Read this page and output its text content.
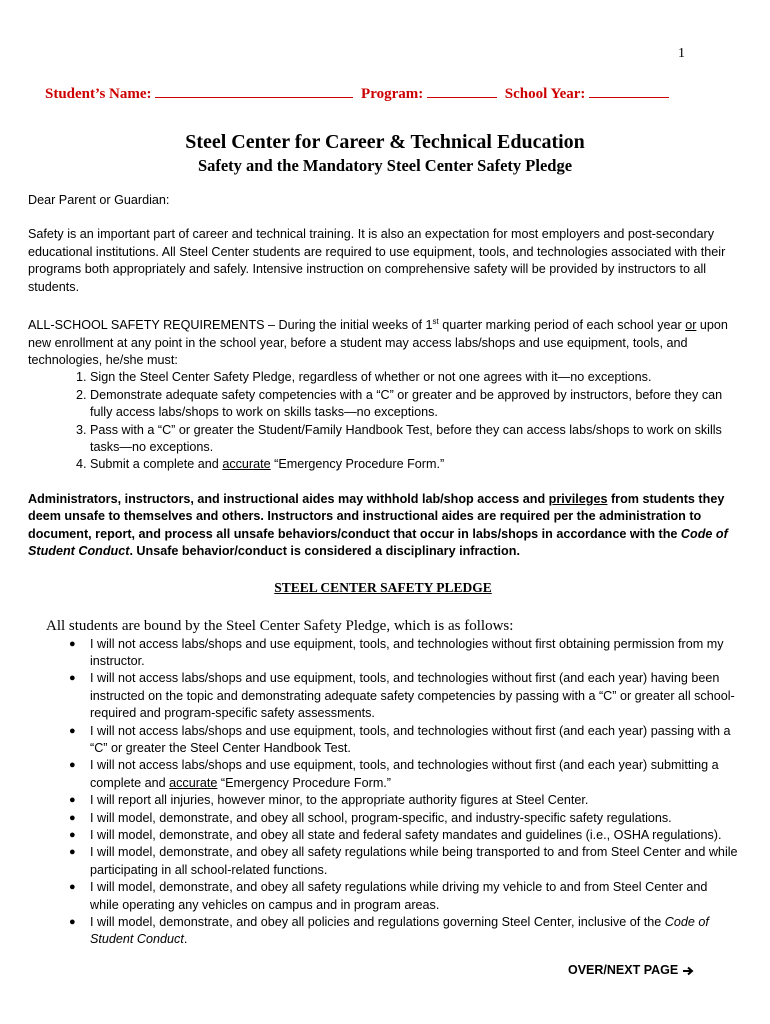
1
Student’s Name:	Program:	School Year:
Steel Center for Career & Technical Education
Safety and the Mandatory Steel Center Safety Pledge

Dear Parent or Guardian:

Safety is an important part of career and technical training. It is also an expectation for most employers and post-secondary educational institutions. All Steel Center students are required to use equipment, tools, and technologies associated with their programs both appropriately and safely. Intensive instruction on comprehensive safety will be provided by instructors to all students.

ALL-SCHOOL SAFETY REQUIREMENTS – During the initial weeks of 1st quarter marking period of each school year or upon new enrollment at any point in the school year, before a student may access labs/shops and use equipment, tools, and technologies, he/she must:

1. Sign the Steel Center Safety Pledge, regardless of whether or not one agrees with it—no exceptions.
2. Demonstrate adequate safety competencies with a “C” or greater and be approved by instructors, before they can fully access labs/shops to work on skills tasks—no exceptions.
3. Pass with a “C” or greater the Student/Family Handbook Test, before they can access labs/shops to work on skills tasks—no exceptions.
4. Submit a complete and accurate “Emergency Procedure Form.”

Administrators, instructors, and instructional aides may withhold lab/shop access and privileges from students they deem unsafe to themselves and others. Instructors and instructional aides are required per the administration to document, report, and process all unsafe behaviors/conduct that occur in labs/shops in accordance with the Code of Student Conduct. Unsafe behavior/conduct is considered a disciplinary infraction.

STEEL CENTER SAFETY PLEDGE
All students are bound by the Steel Center Safety Pledge, which is as follows:
● I will not access labs/shops and use equipment, tools, and technologies without first obtaining permission from my instructor.
● I will not access labs/shops and use equipment, tools, and technologies without first (and each year) having been instructed on the topic and demonstrating adequate safety competencies by passing with a “C” or greater all school-required and program-specific safety assessments.
● I will not access labs/shops and use equipment, tools, and technologies without first (and each year) passing with a “C” or greater the Steel Center Handbook Test.
● I will not access labs/shops and use equipment, tools, and technologies without first (and each year) submitting a complete and accurate “Emergency Procedure Form.”
● I will report all injuries, however minor, to the appropriate authority figures at Steel Center.
● I will model, demonstrate, and obey all school, program-specific, and industry-specific safety regulations.
● I will model, demonstrate, and obey all state and federal safety mandates and guidelines (i.e., OSHA regulations).
● I will model, demonstrate, and obey all safety regulations while being transported to and from Steel Center and while participating in all school-related functions.
● I will model, demonstrate, and obey all safety regulations while driving my vehicle to and from Steel Center and while operating any vehicles on campus and in program areas.
● I will model, demonstrate, and obey all policies and regulations governing Steel Center, inclusive of the Code of Student Conduct.
OVER/NEXT PAGE
